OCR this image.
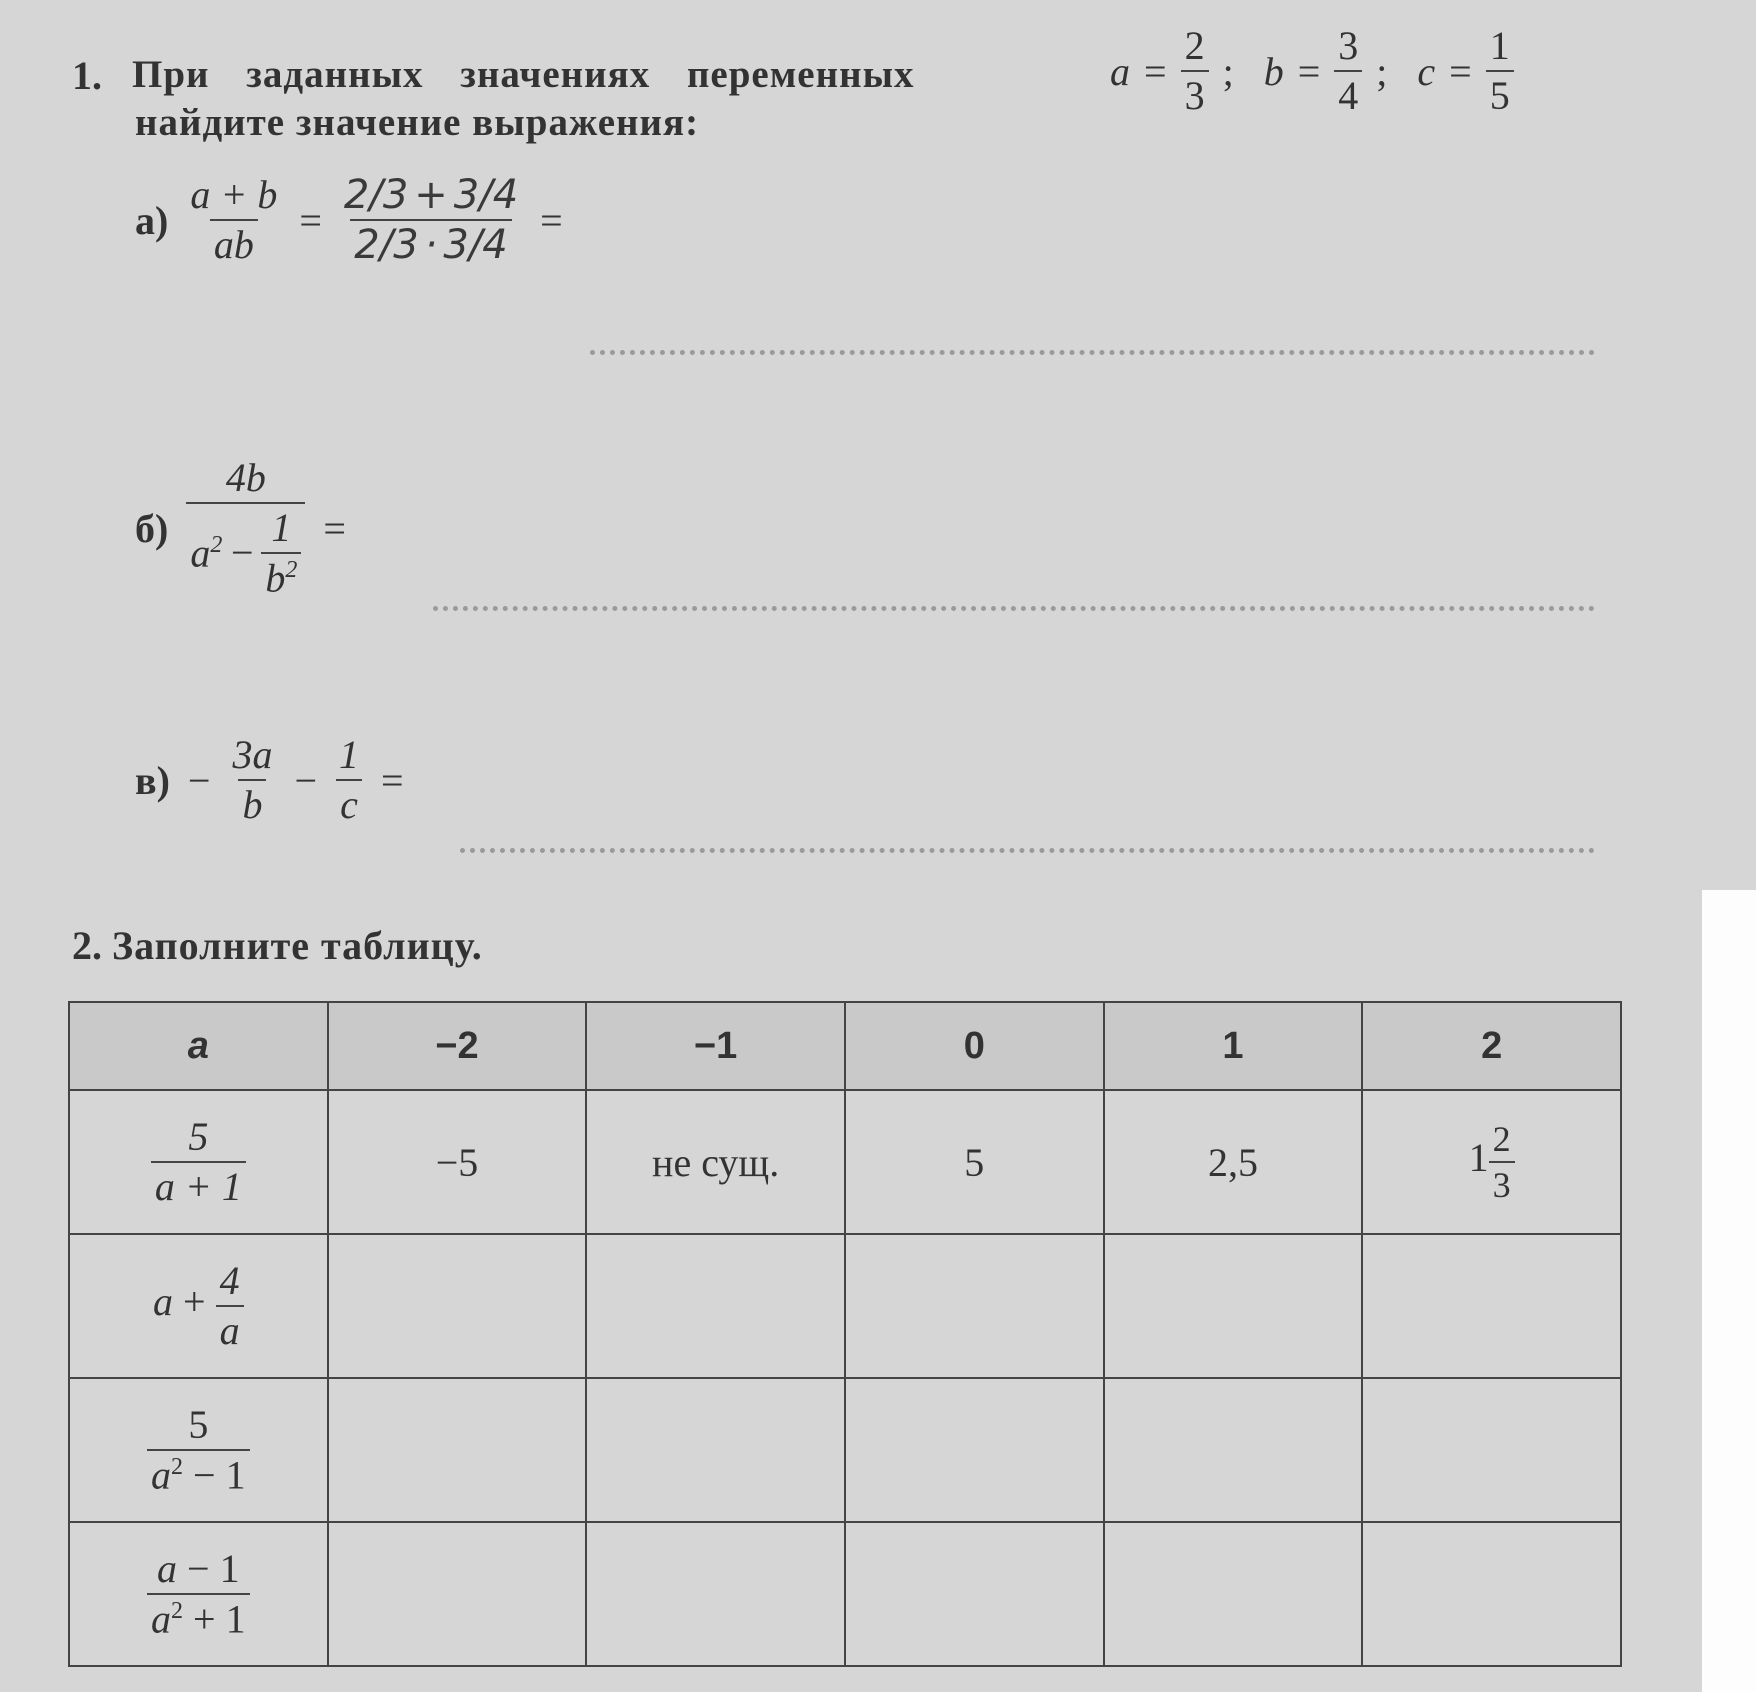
1. При заданных значениях переменных	$a = \frac{2}{3}$ ; $b = \frac{3}{4}$ ; $c = \frac{1}{5}$
найдите значение выражения:
$а) \frac{a + b}{ab} = \frac{2/3 + 3/4}{2/3 \cdot 3/4}$ =
$б) \frac{4b}{a^2 - \frac{1}{b^2}}$ =
$в) - \frac{3a}{b} - \frac{1}{c}$ =
2. Заполните таблицу.
a	−2	−1	0	1	2

$\frac{5}{a + 1}$	−5	не сущ.	5	2,5	$1 \frac{2}{3}$

$a + \frac{4}{a}$

$\frac{5}{a^2 - 1}$

$\frac{a - 1}{a^2 + 1}$
